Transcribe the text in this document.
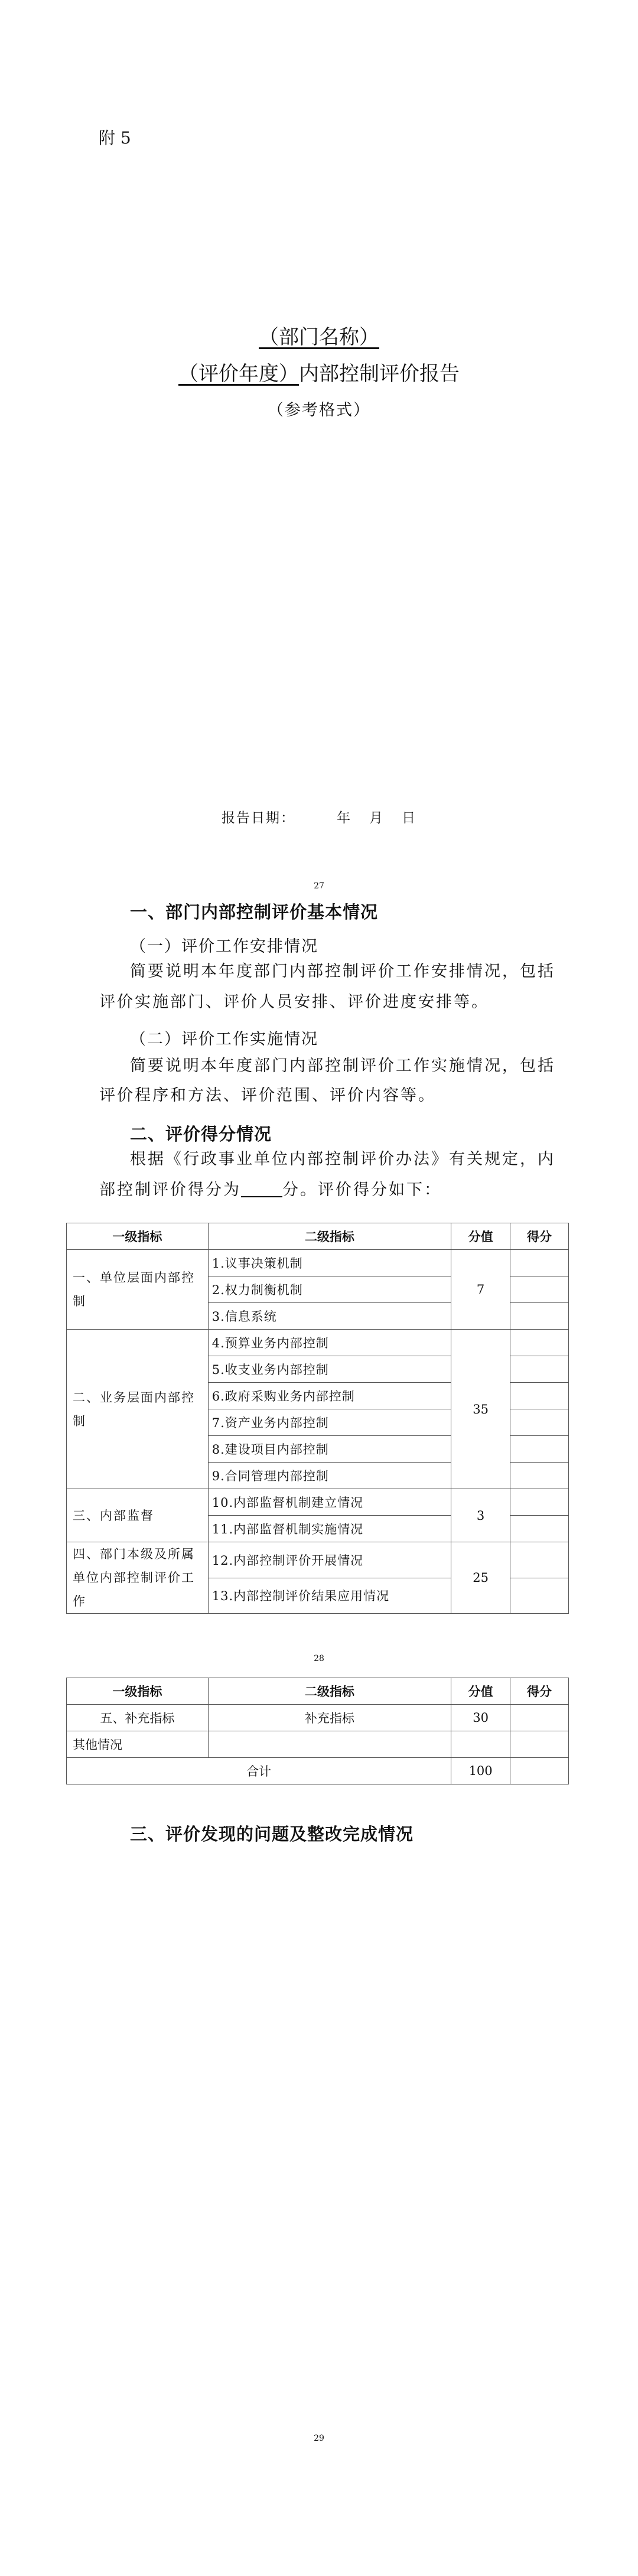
附 5
（部门名称）
（评价年度）内部控制评价报告
（参考格式）
报告日期：	年 月 日
27
一、部门内部控制评价基本情况
（一）评价工作安排情况
简要说明本年度部门内部控制评价工作安排情况，包括
评价实施部门、评价人员安排、评价进度安排等。
（二）评价工作实施情况
简要说明本年度部门内部控制评价工作实施情况，包括
评价程序和方法、评价范围、评价内容等。
二、评价得分情况
根据《行政事业单位内部控制评价办法》有关规定，内
部控制评价得分为	分。评价得分如下：
一级指标	二级指标	分值	得分
一、单位层面内部控制	1.议事决策机制	7	
	2.权力制衡机制		
	3.信息系统		
二、业务层面内部控制	4.预算业务内部控制	35	
	5.收支业务内部控制		
	6.政府采购业务内部控制		
	7.资产业务内部控制		
	8.建设项目内部控制		
	9.合同管理内部控制		
三、内部监督	10.内部监督机制建立情况	3	
	11.内部监督机制实施情况		
四、部门本级及所属单位内部控制评价工作	12.内部控制评价开展情况	25	
	13.内部控制评价结果应用情况		
28
一级指标	二级指标	分值	得分
五、补充指标	补充指标	30	
其他情况			
合计		100	
三、评价发现的问题及整改完成情况
29
